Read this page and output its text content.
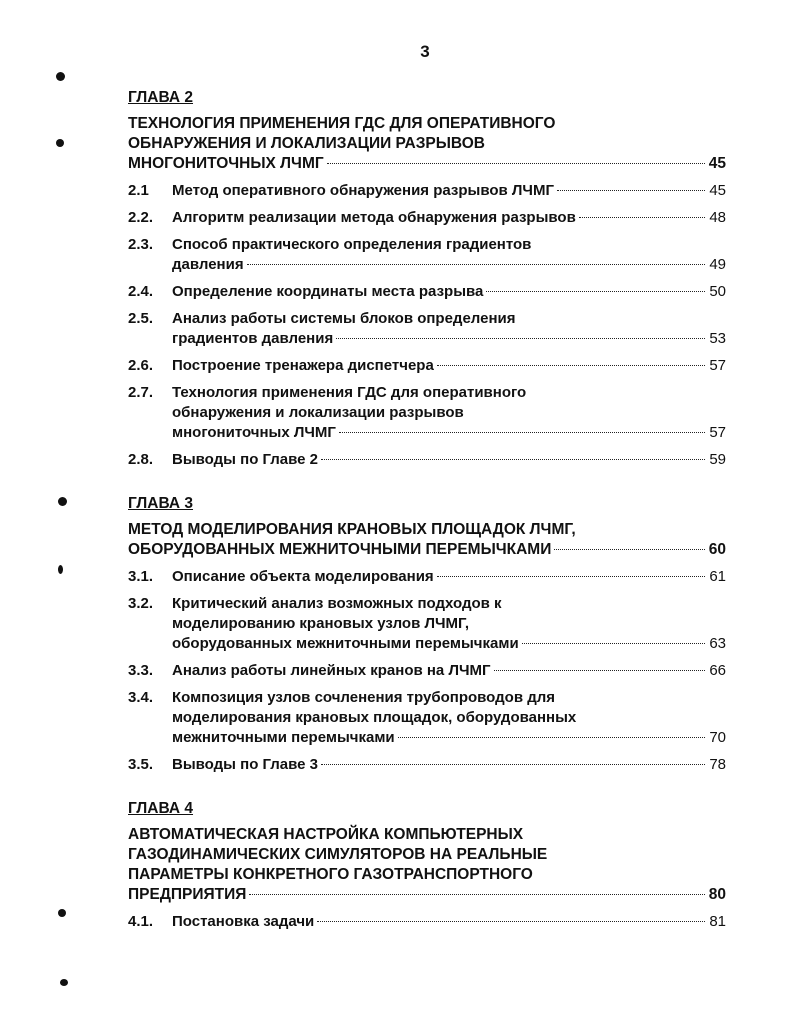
3
ГЛАВА 2
ТЕХНОЛОГИЯ ПРИМЕНЕНИЯ ГДС ДЛЯ ОПЕРАТИВНОГО
ОБНАРУЖЕНИЯ И ЛОКАЛИЗАЦИИ РАЗРЫВОВ
МНОГОНИТОЧНЫХ ЛЧМГ	45
2.1	Метод оперативного обнаружения разрывов ЛЧМГ	45
2.2.	Алгоритм реализации метода обнаружения разрывов	48
2.3.	Способ практического определения градиентов
давления	49
2.4.	Определение координаты места разрыва	50
2.5.	Анализ работы системы блоков определения
градиентов давления	53
2.6.	Построение тренажера диспетчера	57
2.7.	Технология применения ГДС для оперативного
обнаружения и локализации разрывов
многониточных ЛЧМГ	57
2.8.	Выводы по Главе 2	59
ГЛАВА 3
МЕТОД МОДЕЛИРОВАНИЯ КРАНОВЫХ ПЛОЩАДОК ЛЧМГ,
ОБОРУДОВАННЫХ МЕЖНИТОЧНЫМИ ПЕРЕМЫЧКАМИ	60
3.1.	Описание объекта моделирования	61
3.2.	Критический анализ возможных подходов к
моделированию крановых узлов ЛЧМГ,
оборудованных межниточными перемычками	63
3.3.	Анализ работы линейных кранов на ЛЧМГ	66
3.4.	Композиция узлов сочленения трубопроводов для
моделирования крановых площадок, оборудованных
межниточными перемычками	70
3.5.	Выводы по Главе 3	78
ГЛАВА 4
АВТОМАТИЧЕСКАЯ НАСТРОЙКА КОМПЬЮТЕРНЫХ
ГАЗОДИНАМИЧЕСКИХ СИМУЛЯТОРОВ НА РЕАЛЬНЫЕ
ПАРАМЕТРЫ КОНКРЕТНОГО ГАЗОТРАНСПОРТНОГО
ПРЕДПРИЯТИЯ	80
4.1.	Постановка задачи	81
